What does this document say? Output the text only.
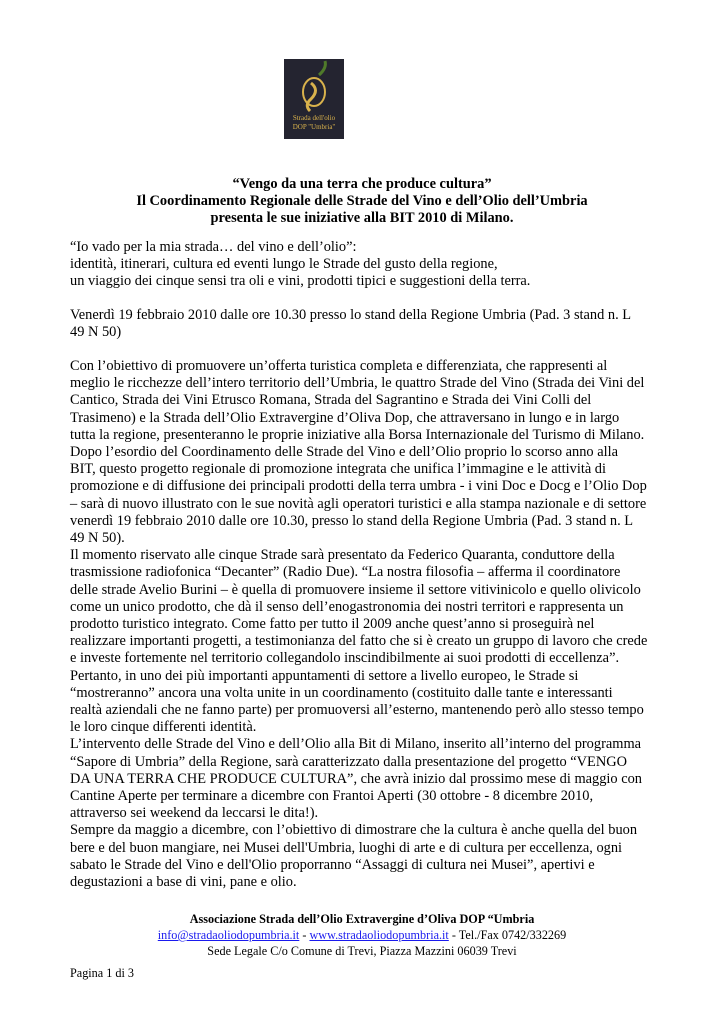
Strada dell'olio
DOP "Umbria"
“Vengo da una terra che produce cultura”
Il Coordinamento Regionale delle Strade del Vino e dell’Olio dell’Umbria
presenta le sue iniziative alla BIT 2010 di Milano.
“Io vado per la mia strada… del vino e dell’olio”:
identità, itinerari, cultura ed eventi lungo le Strade del gusto della regione,
un viaggio dei cinque sensi tra oli e vini, prodotti tipici e suggestioni della terra.
Venerdì 19 febbraio 2010 dalle ore 10.30 presso lo stand della Regione Umbria (Pad. 3 stand n. L
49 N 50)
Con l’obiettivo di promuovere un’offerta turistica completa e differenziata, che rappresenti al
meglio le ricchezze dell’intero territorio dell’Umbria, le quattro Strade del Vino (Strada dei Vini del
Cantico, Strada dei Vini Etrusco Romana, Strada del Sagrantino e Strada dei Vini Colli del
Trasimeno) e la Strada dell’Olio Extravergine d’Oliva Dop, che attraversano in lungo e in largo
tutta la regione, presenteranno le proprie iniziative alla Borsa Internazionale del Turismo di Milano.
Dopo l’esordio del Coordinamento delle Strade del Vino e dell’Olio proprio lo scorso anno alla
BIT, questo progetto regionale di promozione integrata che unifica l’immagine e le attività di
promozione e di diffusione dei principali prodotti della terra umbra - i vini Doc e Docg e l’Olio Dop
– sarà di nuovo illustrato con le sue novità agli operatori turistici e alla stampa nazionale e di settore
venerdì 19 febbraio 2010 dalle ore 10.30, presso lo stand della Regione Umbria (Pad. 3 stand n. L
49 N 50).
Il momento riservato alle cinque Strade sarà presentato da Federico Quaranta, conduttore della
trasmissione radiofonica “Decanter” (Radio Due). “La nostra filosofia – afferma il coordinatore
delle strade Avelio Burini – è quella di promuovere insieme il settore vitivinicolo e quello olivicolo
come un unico prodotto, che dà il senso dell’enogastronomia dei nostri territori e rappresenta un
prodotto turistico integrato. Come fatto per tutto il 2009 anche quest’anno si proseguirà nel
realizzare importanti progetti, a testimonianza del fatto che si è creato un gruppo di lavoro che crede
e investe fortemente nel territorio collegandolo inscindibilmente ai suoi prodotti di eccellenza”.
Pertanto, in uno dei più importanti appuntamenti di settore a livello europeo, le Strade si
“mostreranno” ancora una volta unite in un coordinamento (costituito dalle tante e interessanti
realtà aziendali che ne fanno parte) per promuoversi all’esterno, mantenendo però allo stesso tempo
le loro cinque differenti identità.
L’intervento delle Strade del Vino e dell’Olio alla Bit di Milano, inserito all’interno del programma
“Sapore di Umbria” della Regione, sarà caratterizzato dalla presentazione del progetto “VENGO
DA UNA TERRA CHE PRODUCE CULTURA”, che avrà inizio dal prossimo mese di maggio con
Cantine Aperte per terminare a dicembre con Frantoi Aperti (30 ottobre - 8 dicembre 2010,
attraverso sei weekend da leccarsi le dita!).
Sempre da maggio a dicembre, con l’obiettivo di dimostrare che la cultura è anche quella del buon
bere e del buon mangiare, nei Musei dell'Umbria, luoghi di arte e di cultura per eccellenza, ogni
sabato le Strade del Vino e dell'Olio proporranno “Assaggi di cultura nei Musei”, apertivi e
degustazioni a base di vini, pane e olio.
Associazione Strada dell’Olio Extravergine d’Oliva DOP “Umbria
info@stradaoliodopumbria.it - www.stradaoliodopumbria.it - Tel./Fax 0742/332269
Sede Legale C/o Comune di Trevi, Piazza Mazzini 06039 Trevi
Pagina 1 di 3
